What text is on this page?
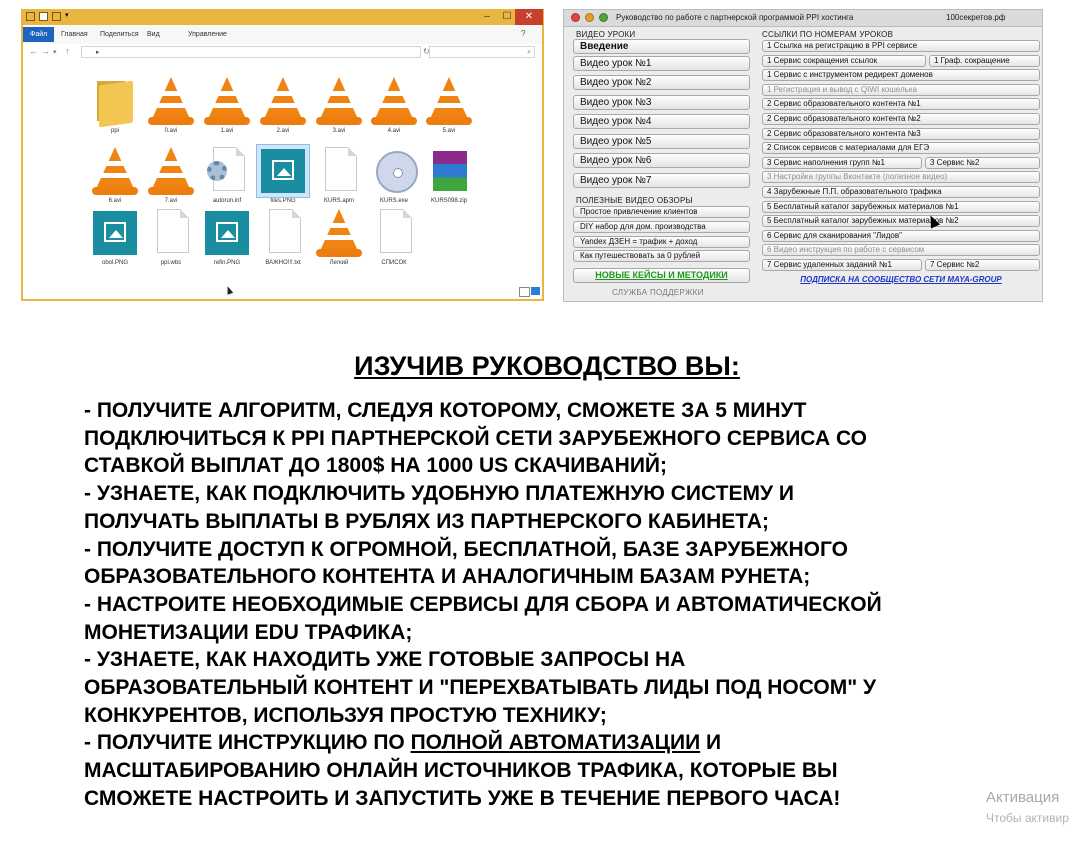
▾	–	☐	✕
Файл	Главная	Поделиться	Вид	Управление	?
← → ▾ ↑	▸	↻	⌕
ppi	0.avi	1.avi	2.avi	3.avi	4.avi	5.avi
6.avi	7.avi	autorun.inf	files.PNG	KURS.apm	KURS.exe	KURS098.zip
obol.PNG	ppi.wbs	refin.PNG	ВАЖНО!!!.txt	Легкий	СПИСОК
Руководство по работе с партнерской программой PPI хостинга	100секретов.рф
ВИДЕО УРОКИ
Введение
Видео урок №1
Видео урок №2
Видео урок №3
Видео урок №4
Видео урок №5
Видео урок №6
Видео урок №7
ПОЛЕЗНЫЕ ВИДЕО ОБЗОРЫ
Простое привлечение клиентов
DIY набор для дом. производства
Yandex ДЗЕН = трафик + доход
Как путешествовать за 0 рублей
НОВЫЕ КЕЙСЫ И МЕТОДИКИ
СЛУЖБА ПОДДЕРЖКИ
ССЫЛКИ ПО НОМЕРАМ УРОКОВ
1 Ссылка на регистрацию в PPI сервисе
1 Сервис сокращения ссылок	1 Граф. сокращение
1 Сервис с инструментом редирект доменов
1 Регистрация и вывод с QIWI кошелька
2 Сервис образовательного контента №1
2 Сервис образовательного контента №2
2 Сервис образовательного контента №3
2 Список сервисов с материалами для ЕГЭ
3 Сервис наполнения групп №1	3 Сервис №2
3 Настройка группы Вконтакте (полезное видео)
4 Зарубежные П.П. образовательного трафика
5 Бесплатный каталог зарубежных материалов №1
5 Бесплатный каталог зарубежных материалов №2
6 Сервис для сканирования "Лидов"
6 Видео инструкция по работе с сервисом
7 Сервис удаленных заданий №1	7 Сервис №2
ПОДПИСКА НА СООБЩЕСТВО СЕТИ MAYA-GROUP
ИЗУЧИВ РУКОВОДСТВО ВЫ:
- ПОЛУЧИТЕ АЛГОРИТМ, СЛЕДУЯ КОТОРОМУ, СМОЖЕТЕ ЗА 5 МИНУТ
ПОДКЛЮЧИТЬСЯ К PPI ПАРТНЕРСКОЙ СЕТИ ЗАРУБЕЖНОГО СЕРВИСА СО
СТАВКОЙ ВЫПЛАТ ДО 1800$ НА 1000 US СКАЧИВАНИЙ;
- УЗНАЕТЕ, КАК ПОДКЛЮЧИТЬ УДОБНУЮ ПЛАТЕЖНУЮ СИСТЕМУ И
ПОЛУЧАТЬ ВЫПЛАТЫ В РУБЛЯХ ИЗ ПАРТНЕРСКОГО КАБИНЕТА;
- ПОЛУЧИТЕ ДОСТУП К ОГРОМНОЙ, БЕСПЛАТНОЙ, БАЗЕ ЗАРУБЕЖНОГО
ОБРАЗОВАТЕЛЬНОГО КОНТЕНТА И АНАЛОГИЧНЫМ БАЗАМ РУНЕТА;
- НАСТРОИТЕ НЕОБХОДИМЫЕ СЕРВИСЫ ДЛЯ СБОРА И АВТОМАТИЧЕСКОЙ
МОНЕТИЗАЦИИ EDU ТРАФИКА;
- УЗНАЕТЕ, КАК НАХОДИТЬ УЖЕ ГОТОВЫЕ ЗАПРОСЫ НА
ОБРАЗОВАТЕЛЬНЫЙ КОНТЕНТ И "ПЕРЕХВАТЫВАТЬ ЛИДЫ ПОД НОСОМ" У
КОНКУРЕНТОВ, ИСПОЛЬЗУЯ ПРОСТУЮ ТЕХНИКУ;
- ПОЛУЧИТЕ ИНСТРУКЦИЮ ПО ПОЛНОЙ АВТОМАТИЗАЦИИ И
МАСШТАБИРОВАНИЮ ОНЛАЙН ИСТОЧНИКОВ ТРАФИКА, КОТОРЫЕ ВЫ
СМОЖЕТЕ НАСТРОИТЬ И ЗАПУСТИТЬ УЖЕ В ТЕЧЕНИЕ ПЕРВОГО ЧАСА!	Активация
Чтобы активир
